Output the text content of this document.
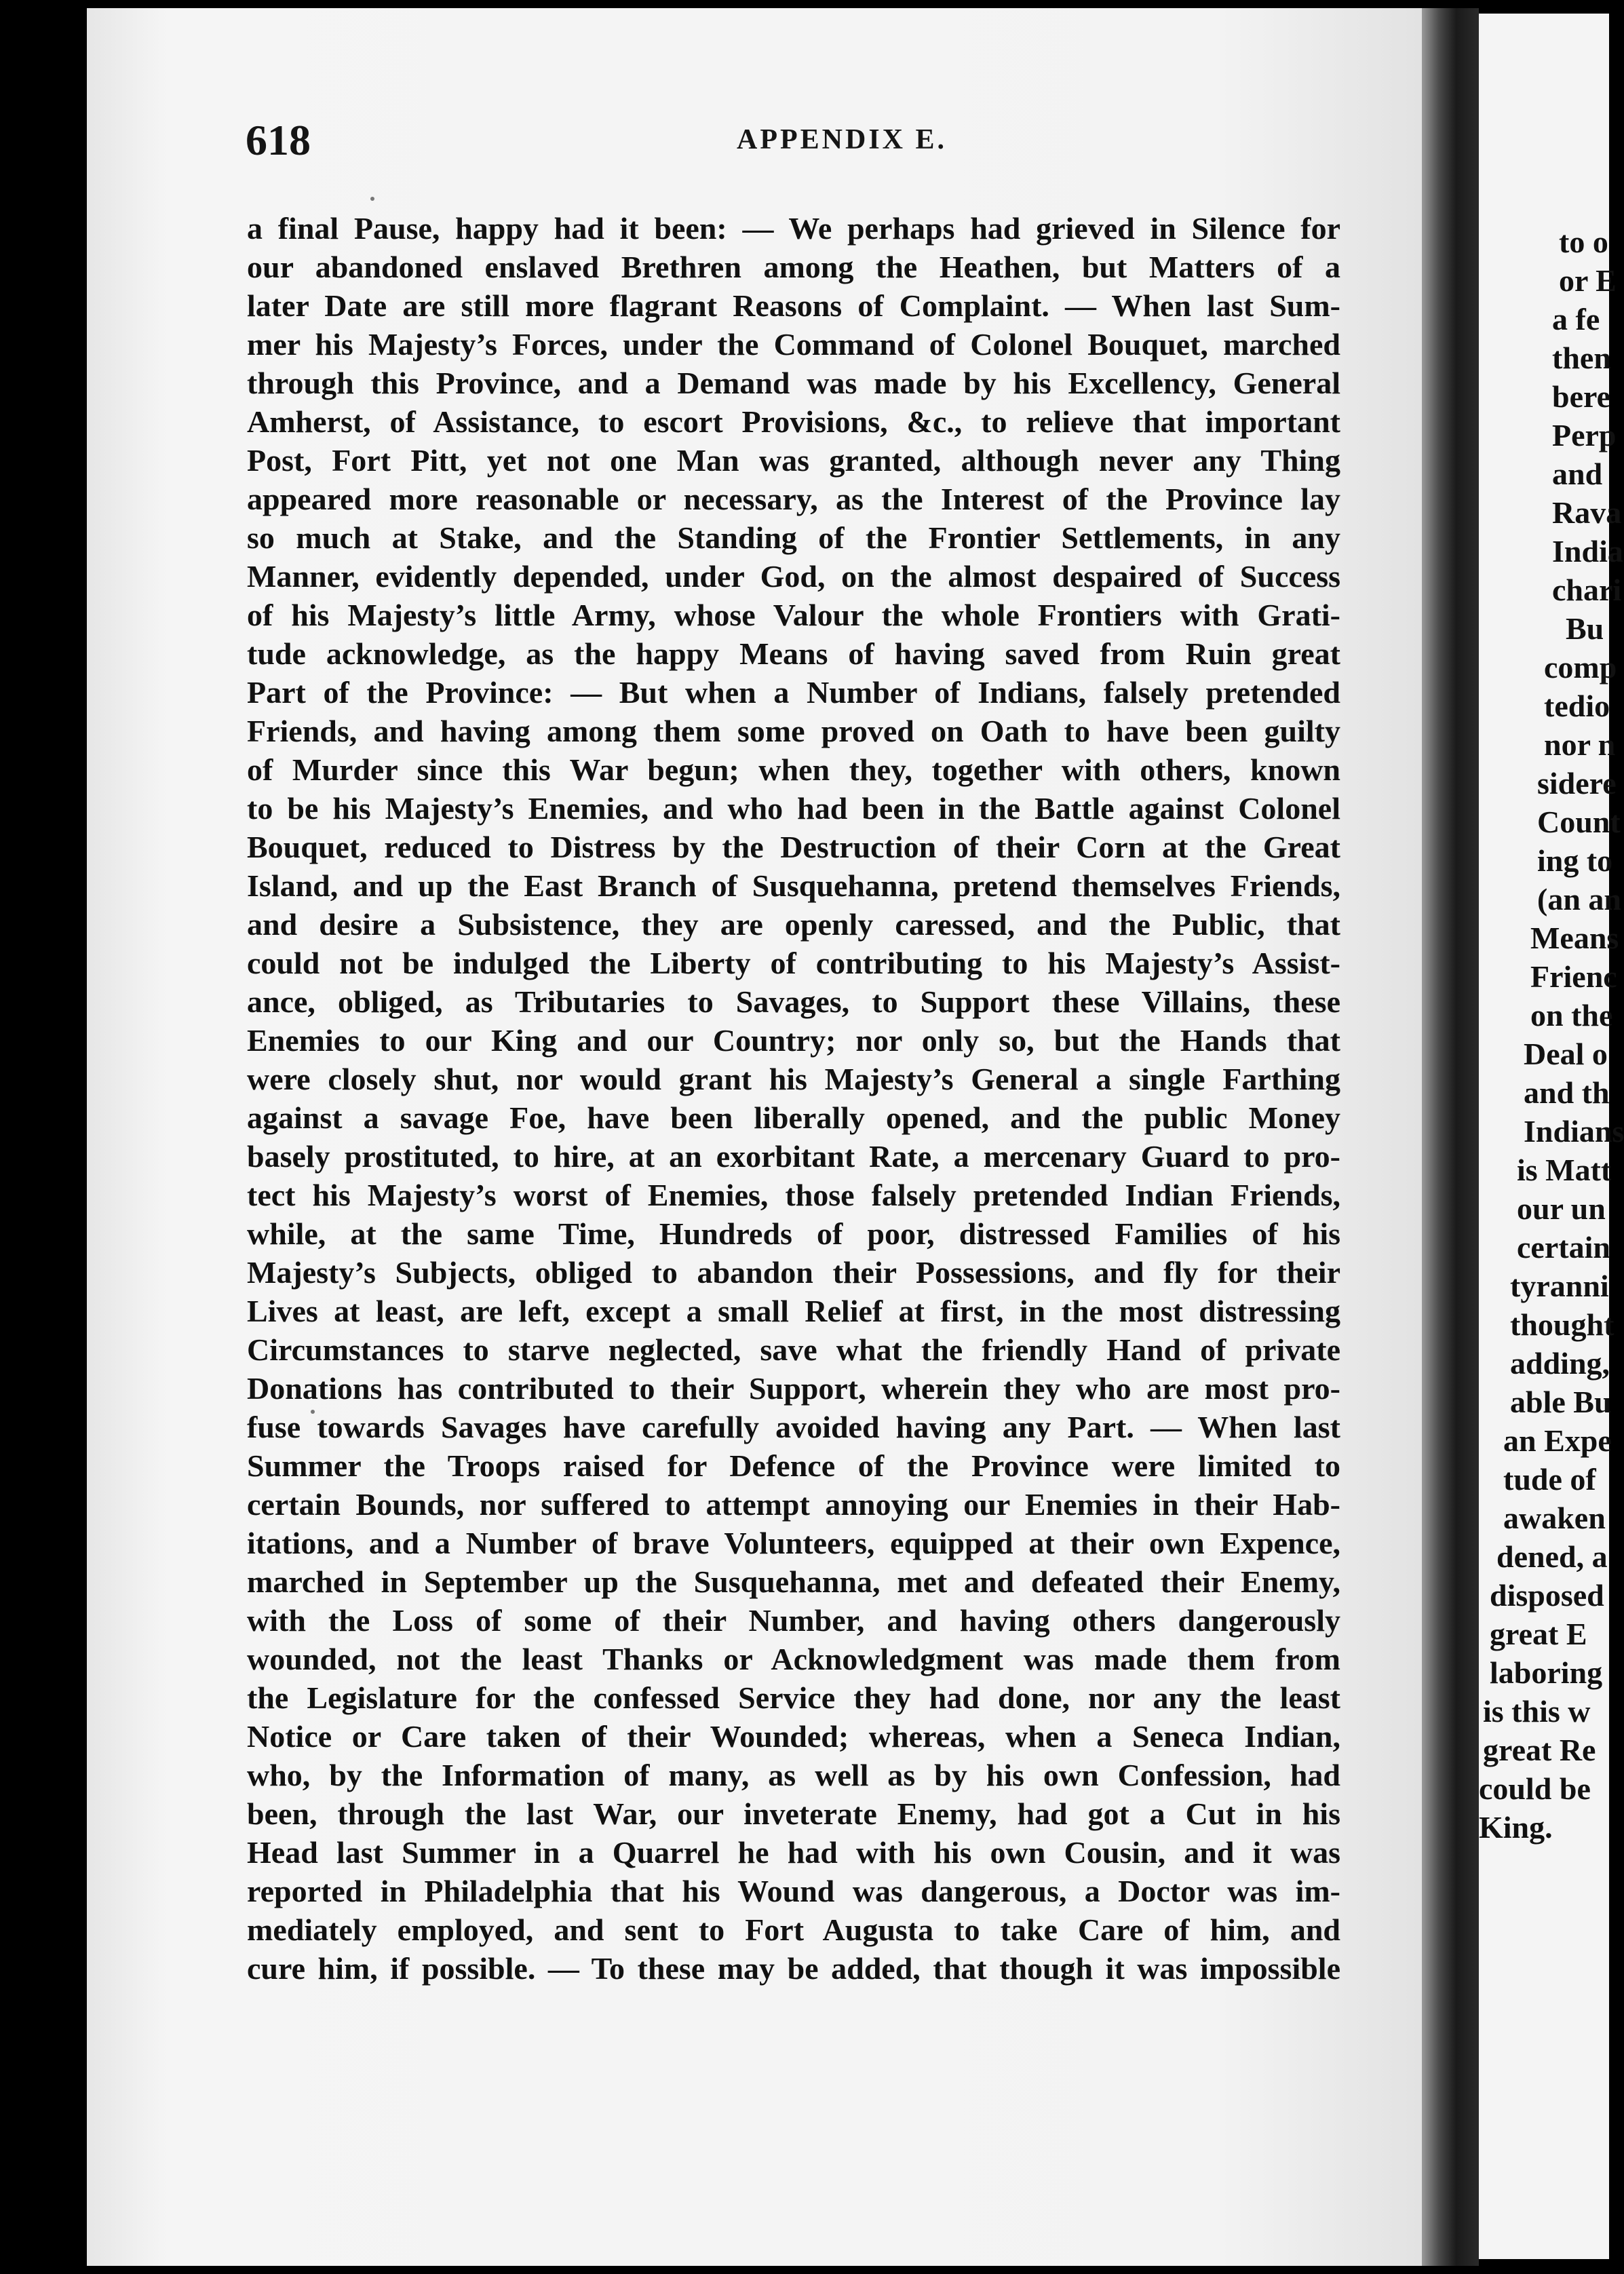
to o
or E
a fe
then
bere
Perp
and
Rava
India
chari
Bu
comp
tedio
nor n
sidere
Count
ing to
(an an
Means
Frienc
on the
Deal o
and th
Indians
is Matt
our un
certain
tyranni
thought
adding,
able Bu
an Expe
tude of
awaken
dened, a
disposed
great E
laboring
is this w
great Re
could be
King.
618	APPENDIX E.
a final Pause, happy had it been: — We perhaps had grieved in Silence for
our abandoned enslaved Brethren among the Heathen, but Matters of a
later Date are still more flagrant Reasons of Complaint. — When last Sum-
mer his Majesty’s Forces, under the Command of Colonel Bouquet, marched
through this Province, and a Demand was made by his Excellency, General
Amherst, of Assistance, to escort Provisions, &c., to relieve that important
Post, Fort Pitt, yet not one Man was granted, although never any Thing
appeared more reasonable or necessary, as the Interest of the Province lay
so much at Stake, and the Standing of the Frontier Settlements, in any
Manner, evidently depended, under God, on the almost despaired of Success
of his Majesty’s little Army, whose Valour the whole Frontiers with Grati-
tude acknowledge, as the happy Means of having saved from Ruin great
Part of the Province: — But when a Number of Indians, falsely pretended
Friends, and having among them some proved on Oath to have been guilty
of Murder since this War begun; when they, together with others, known
to be his Majesty’s Enemies, and who had been in the Battle against Colonel
Bouquet, reduced to Distress by the Destruction of their Corn at the Great
Island, and up the East Branch of Susquehanna, pretend themselves Friends,
and desire a Subsistence, they are openly caressed, and the Public, that
could not be indulged the Liberty of contributing to his Majesty’s Assist-
ance, obliged, as Tributaries to Savages, to Support these Villains, these
Enemies to our King and our Country; nor only so, but the Hands that
were closely shut, nor would grant his Majesty’s General a single Farthing
against a savage Foe, have been liberally opened, and the public Money
basely prostituted, to hire, at an exorbitant Rate, a mercenary Guard to pro-
tect his Majesty’s worst of Enemies, those falsely pretended Indian Friends,
while, at the same Time, Hundreds of poor, distressed Families of his
Majesty’s Subjects, obliged to abandon their Possessions, and fly for their
Lives at least, are left, except a small Relief at first, in the most distressing
Circumstances to starve neglected, save what the friendly Hand of private
Donations has contributed to their Support, wherein they who are most pro-
fuse towards Savages have carefully avoided having any Part. — When last
Summer the Troops raised for Defence of the Province were limited to
certain Bounds, nor suffered to attempt annoying our Enemies in their Hab-
itations, and a Number of brave Volunteers, equipped at their own Expence,
marched in September up the Susquehanna, met and defeated their Enemy,
with the Loss of some of their Number, and having others dangerously
wounded, not the least Thanks or Acknowledgment was made them from
the Legislature for the confessed Service they had done, nor any the least
Notice or Care taken of their Wounded; whereas, when a Seneca Indian,
who, by the Information of many, as well as by his own Confession, had
been, through the last War, our inveterate Enemy, had got a Cut in his
Head last Summer in a Quarrel he had with his own Cousin, and it was
reported in Philadelphia that his Wound was dangerous, a Doctor was im-
mediately employed, and sent to Fort Augusta to take Care of him, and
cure him, if possible. — To these may be added, that though it was impossible
